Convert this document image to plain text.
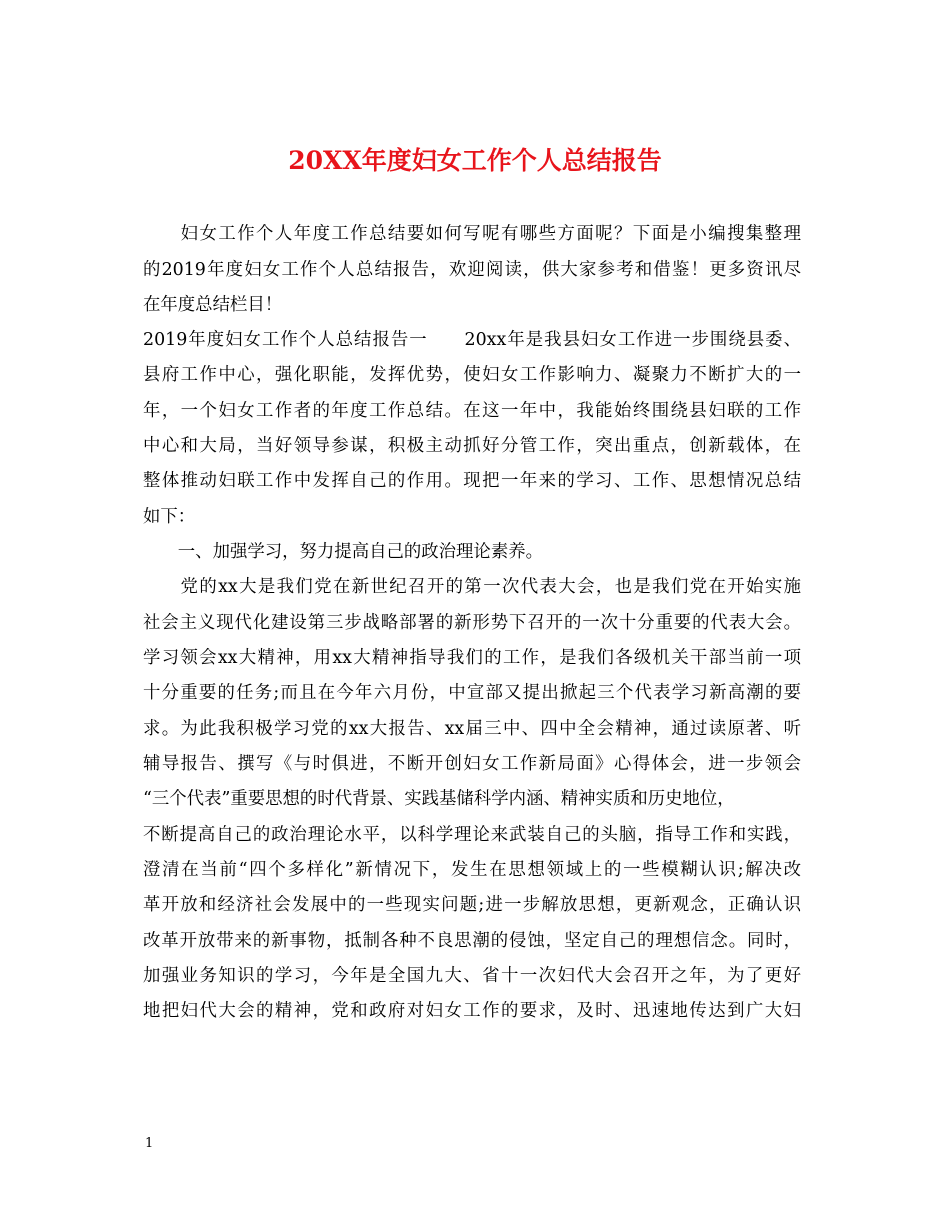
20XX年度妇女工作个人总结报告
　　妇女工作个人年度工作总结要如何写呢有哪些方面呢？下面是小编搜集整理
的2019年度妇女工作个人总结报告，欢迎阅读，供大家参考和借鉴！更多资讯尽
在年度总结栏目！
2019年度妇女工作个人总结报告一　　20xx年是我县妇女工作进一步围绕县委、
县府工作中心，强化职能，发挥优势，使妇女工作影响力、凝聚力不断扩大的一
年，一个妇女工作者的年度工作总结。在这一年中，我能始终围绕县妇联的工作
中心和大局，当好领导参谋，积极主动抓好分管工作，突出重点，创新载体，在
整体推动妇联工作中发挥自己的作用。现把一年来的学习、工作、思想情况总结
如下：
　　一、加强学习，努力提高自己的政治理论素养。
　　党的xx大是我们党在新世纪召开的第一次代表大会，也是我们党在开始实施
社会主义现代化建设第三步战略部署的新形势下召开的一次十分重要的代表大会。
学习领会xx大精神，用xx大精神指导我们的工作，是我们各级机关干部当前一项
十分重要的任务;而且在今年六月份，中宣部又提出掀起三个代表学习新高潮的要
求。为此我积极学习党的xx大报告、xx届三中、四中全会精神，通过读原著、听
辅导报告、撰写《与时俱进，不断开创妇女工作新局面》心得体会，进一步领会
“三个代表”重要思想的时代背景、实践基储科学内涵、精神实质和历史地位，
不断提高自己的政治理论水平，以科学理论来武装自己的头脑，指导工作和实践，
澄清在当前“四个多样化”新情况下，发生在思想领域上的一些模糊认识;解决改
革开放和经济社会发展中的一些现实问题;进一步解放思想，更新观念，正确认识
改革开放带来的新事物，抵制各种不良思潮的侵蚀，坚定自己的理想信念。同时，
加强业务知识的学习，今年是全国九大、省十一次妇代大会召开之年，为了更好
地把妇代大会的精神，党和政府对妇女工作的要求，及时、迅速地传达到广大妇
1
